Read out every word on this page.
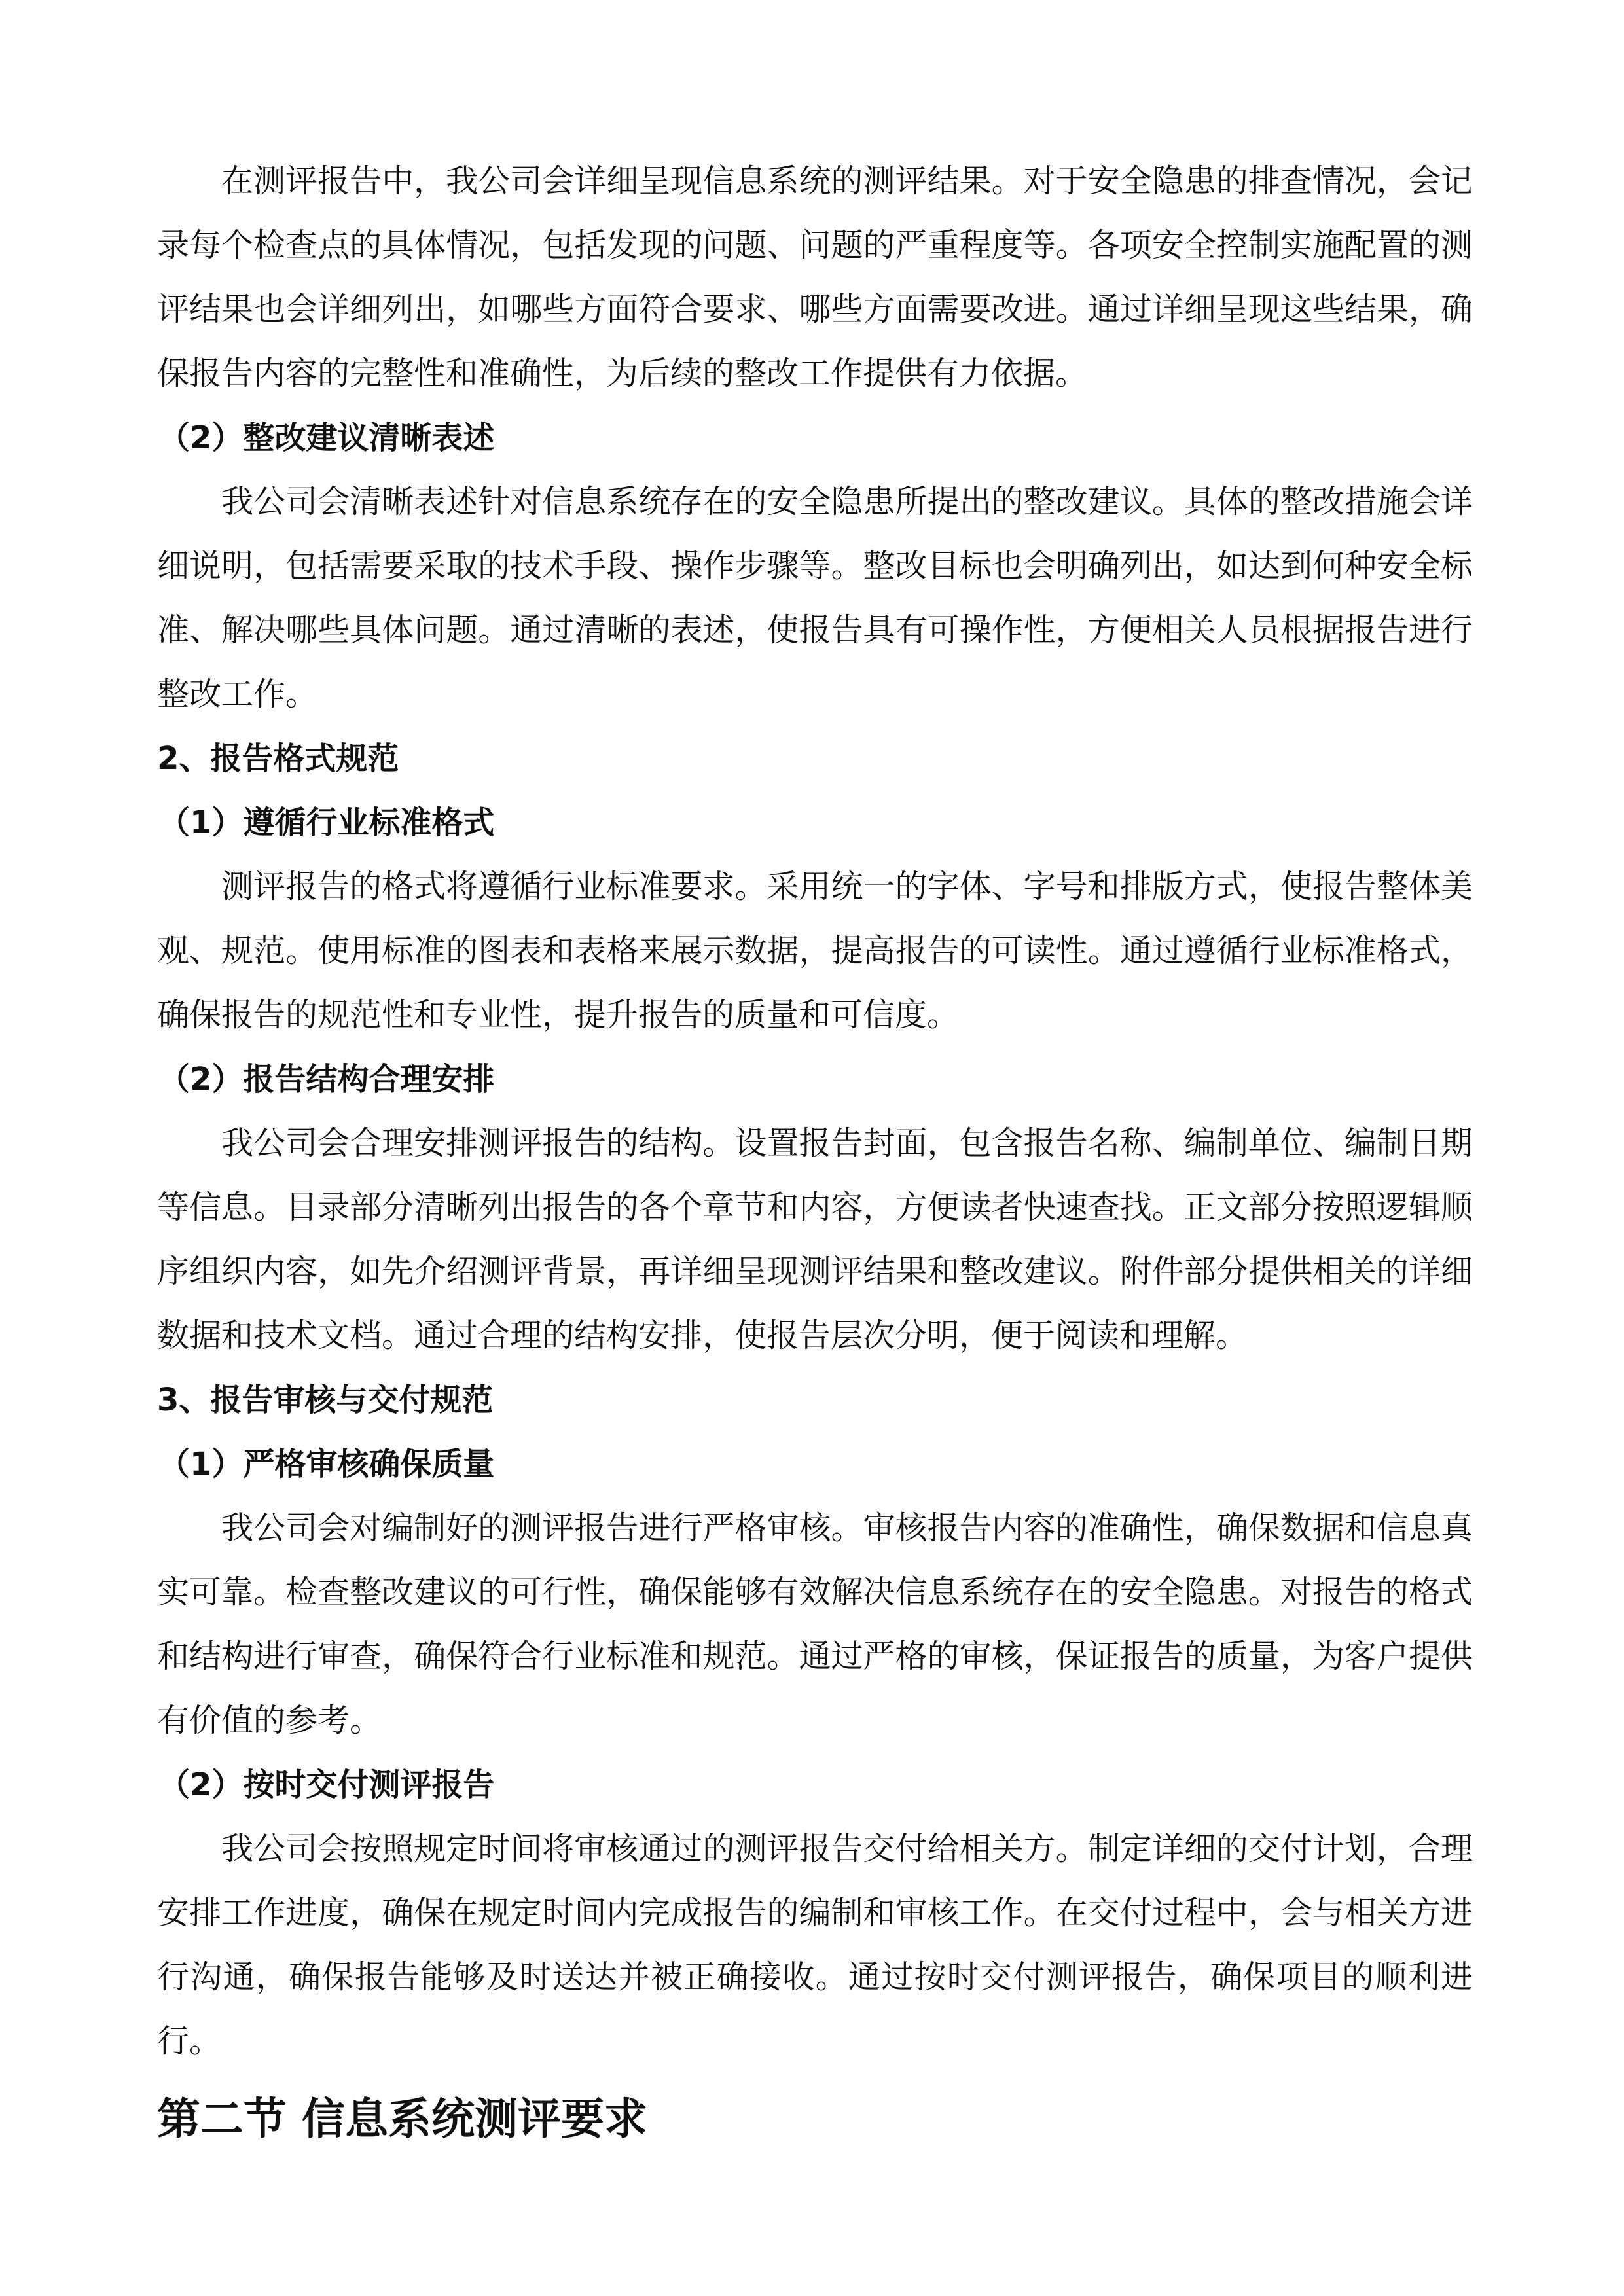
在测评报告中，我公司会详细呈现信息系统的测评结果。对于安全隐患的排查情况，会记录每个检查点的具体情况，包括发现的问题、问题的严重程度等。各项安全控制实施配置的测评结果也会详细列出，如哪些方面符合要求、哪些方面需要改进。通过详细呈现这些结果，确保报告内容的完整性和准确性，为后续的整改工作提供有力依据。

（2）整改建议清晰表述

我公司会清晰表述针对信息系统存在的安全隐患所提出的整改建议。具体的整改措施会详细说明，包括需要采取的技术手段、操作步骤等。整改目标也会明确列出，如达到何种安全标准、解决哪些具体问题。通过清晰的表述，使报告具有可操作性，方便相关人员根据报告进行整改工作。

2、报告格式规范

（1）遵循行业标准格式

测评报告的格式将遵循行业标准要求。采用统一的字体、字号和排版方式，使报告整体美观、规范。使用标准的图表和表格来展示数据，提高报告的可读性。通过遵循行业标准格式，确保报告的规范性和专业性，提升报告的质量和可信度。

（2）报告结构合理安排

我公司会合理安排测评报告的结构。设置报告封面，包含报告名称、编制单位、编制日期等信息。目录部分清晰列出报告的各个章节和内容，方便读者快速查找。正文部分按照逻辑顺序组织内容，如先介绍测评背景，再详细呈现测评结果和整改建议。附件部分提供相关的详细数据和技术文档。通过合理的结构安排，使报告层次分明，便于阅读和理解。

3、报告审核与交付规范

（1）严格审核确保质量

我公司会对编制好的测评报告进行严格审核。审核报告内容的准确性，确保数据和信息真实可靠。检查整改建议的可行性，确保能够有效解决信息系统存在的安全隐患。对报告的格式和结构进行审查，确保符合行业标准和规范。通过严格的审核，保证报告的质量，为客户提供有价值的参考。

（2）按时交付测评报告

我公司会按照规定时间将审核通过的测评报告交付给相关方。制定详细的交付计划，合理安排工作进度，确保在规定时间内完成报告的编制和审核工作。在交付过程中，会与相关方进行沟通，确保报告能够及时送达并被正确接收。通过按时交付测评报告，确保项目的顺利进行。

第二节 信息系统测评要求
